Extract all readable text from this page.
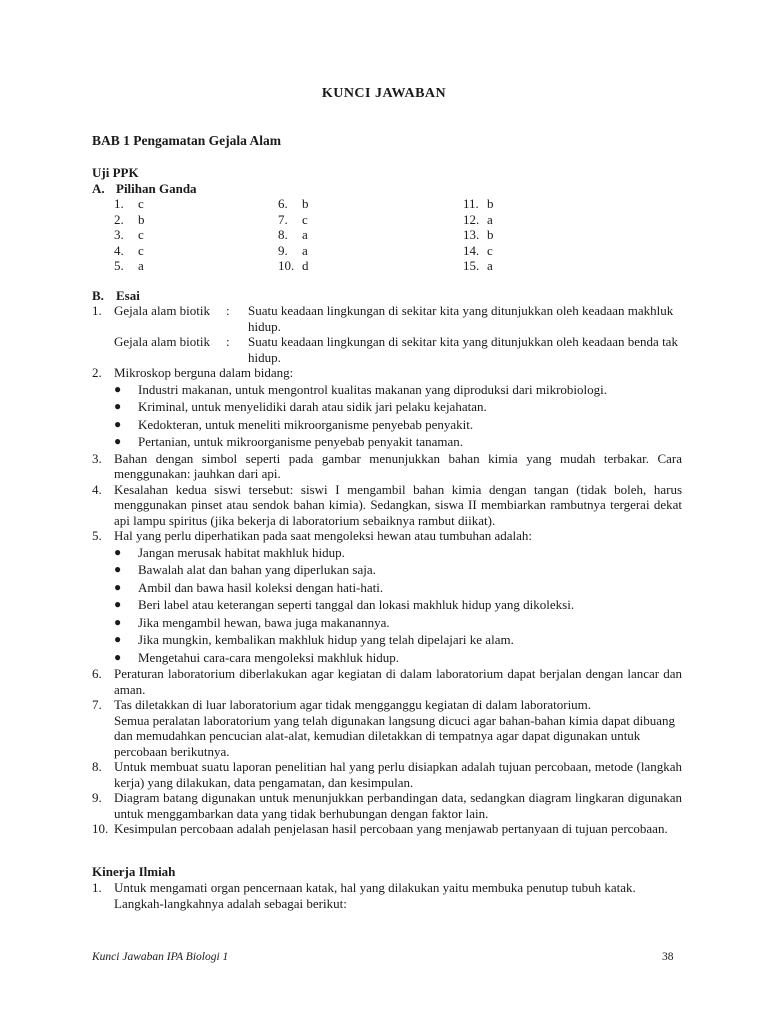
KUNCI JAWABAN
BAB 1 Pengamatan Gejala Alam
Uji PPK
A. Pilihan Ganda
1. c
2. b
3. c
4. c
5. a
6. b
7. c
8. a
9. a
10. d
11. b
12. a
13. b
14. c
15. a
B. Esai
1. Gejala alam biotik	:	Suatu keadaan lingkungan di sekitar kita yang ditunjukkan oleh keadaan makhluk hidup.
Gejala alam biotik	:	Suatu keadaan lingkungan di sekitar kita yang ditunjukkan oleh keadaan benda tak hidup.
2. Mikroskop berguna dalam bidang:
●	Industri makanan, untuk mengontrol kualitas makanan yang diproduksi dari mikrobiologi.
●	Kriminal, untuk menyelidiki darah atau sidik jari pelaku kejahatan.
●	Kedokteran, untuk meneliti mikroorganisme penyebab penyakit.
●	Pertanian, untuk mikroorganisme penyebab penyakit tanaman.
3. Bahan dengan simbol seperti pada gambar menunjukkan bahan kimia yang mudah terbakar. Cara menggunakan: jauhkan dari api.
4. Kesalahan kedua siswi tersebut: siswi I mengambil bahan kimia dengan tangan (tidak boleh, harus menggunakan pinset atau sendok bahan kimia). Sedangkan, siswa II membiarkan rambutnya tergerai dekat api lampu spiritus (jika bekerja di laboratorium sebaiknya rambut diikat).
5. Hal yang perlu diperhatikan pada saat mengoleksi hewan atau tumbuhan adalah:
●	Jangan merusak habitat makhluk hidup.
●	Bawalah alat dan bahan yang diperlukan saja.
●	Ambil dan bawa hasil koleksi dengan hati-hati.
●	Beri label atau keterangan seperti tanggal dan lokasi makhluk hidup yang dikoleksi.
●	Jika mengambil hewan, bawa juga makanannya.
●	Jika mungkin, kembalikan makhluk hidup yang telah dipelajari ke alam.
●	Mengetahui cara-cara mengoleksi makhluk hidup.
6. Peraturan laboratorium diberlakukan agar kegiatan di dalam laboratorium dapat berjalan dengan lancar dan aman.
7. Tas diletakkan di luar laboratorium agar tidak mengganggu kegiatan di dalam laboratorium.
Semua peralatan laboratorium yang telah digunakan langsung dicuci agar bahan-bahan kimia dapat dibuang dan memudahkan pencucian alat-alat, kemudian diletakkan di tempatnya agar dapat digunakan untuk percobaan berikutnya.
8. Untuk membuat suatu laporan penelitian hal yang perlu disiapkan adalah tujuan percobaan, metode (langkah kerja) yang dilakukan, data pengamatan, dan kesimpulan.
9. Diagram batang digunakan untuk menunjukkan perbandingan data, sedangkan diagram lingkaran digunakan untuk menggambarkan data yang tidak berhubungan dengan faktor lain.
10. Kesimpulan percobaan adalah penjelasan hasil percobaan yang menjawab pertanyaan di tujuan percobaan.
Kinerja Ilmiah
1. Untuk mengamati organ pencernaan katak, hal yang dilakukan yaitu membuka penutup tubuh katak. Langkah-langkahnya adalah sebagai berikut:
Kunci Jawaban IPA Biologi 1	38
